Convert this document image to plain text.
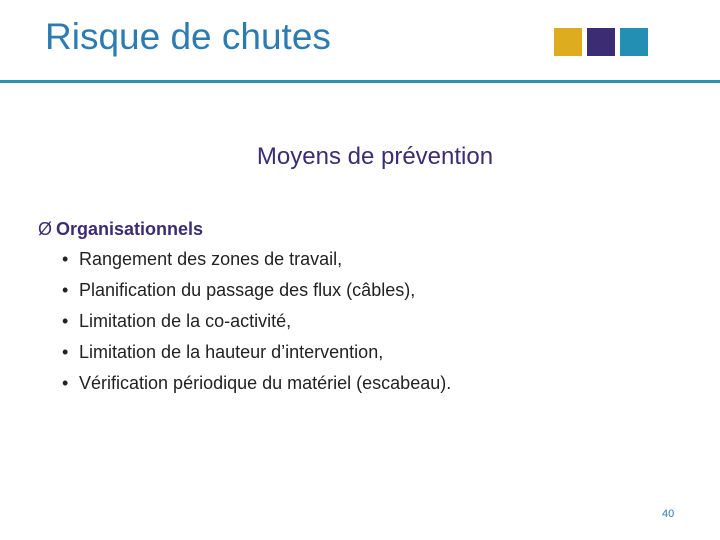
Risque de chutes
Moyens de prévention
Ø Organisationnels
• Rangement des zones de travail,
• Planification du passage des flux (câbles),
• Limitation de la co-activité,
• Limitation de la hauteur d’intervention,
• Vérification périodique du matériel (escabeau).
40
